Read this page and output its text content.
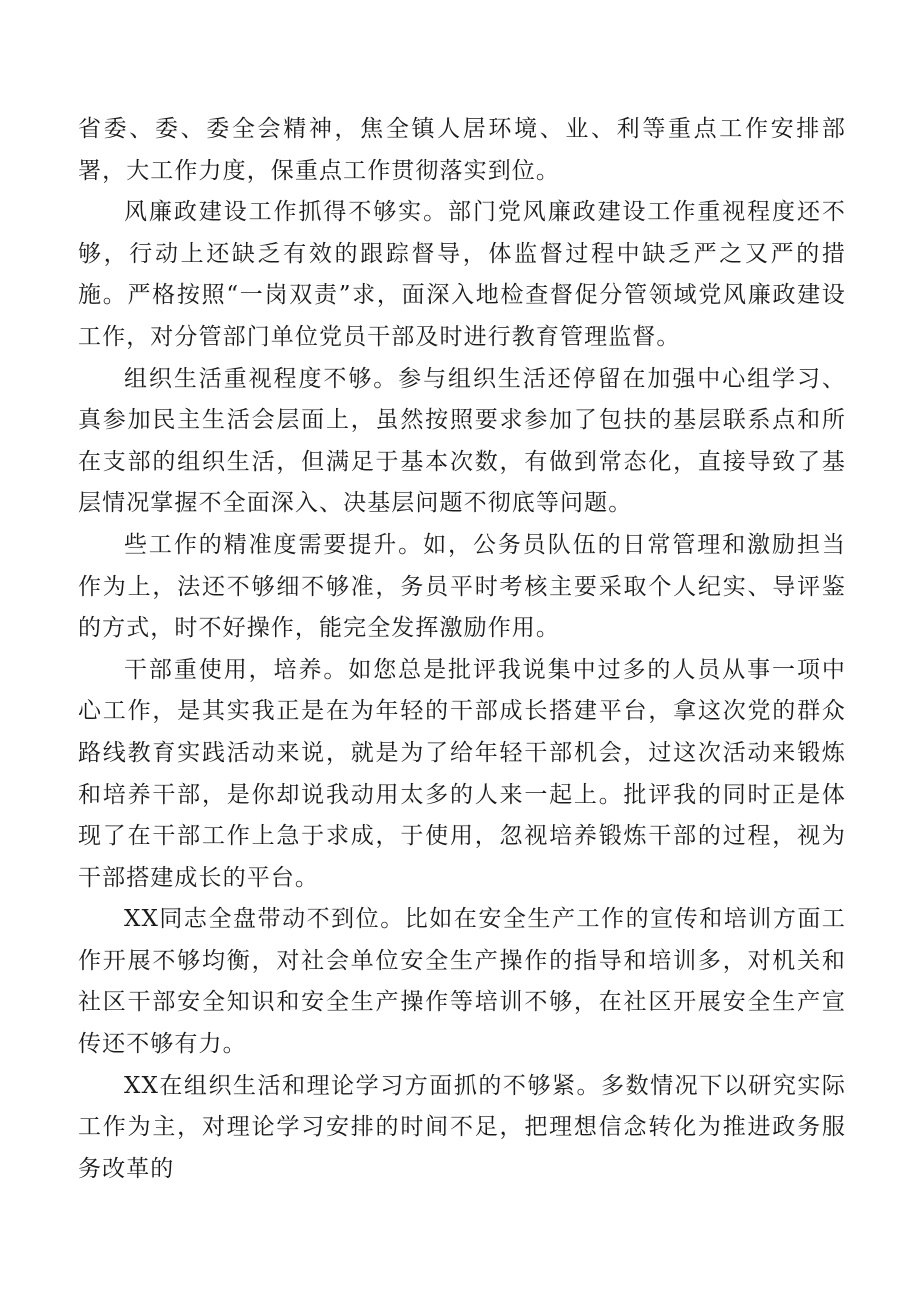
省委、委、委全会精神，焦全镇人居环境、业、利等重点工作安排部署，大工作力度，保重点工作贯彻落实到位。

风廉政建设工作抓得不够实。部门党风廉政建设工作重视程度还不够，行动上还缺乏有效的跟踪督导，体监督过程中缺乏严之又严的措施。严格按照“一岗双责”求，面深入地检查督促分管领域党风廉政建设工作，对分管部门单位党员干部及时进行教育管理监督。

组织生活重视程度不够。参与组织生活还停留在加强中心组学习、真参加民主生活会层面上，虽然按照要求参加了包扶的基层联系点和所在支部的组织生活，但满足于基本次数，有做到常态化，直接导致了基层情况掌握不全面深入、决基层问题不彻底等问题。

些工作的精准度需要提升。如，公务员队伍的日常管理和激励担当作为上，法还不够细不够准，务员平时考核主要采取个人纪实、导评鉴的方式，时不好操作，能完全发挥激励作用。

干部重使用，培养。如您总是批评我说集中过多的人员从事一项中心工作，是其实我正是在为年轻的干部成长搭建平台，拿这次党的群众路线教育实践活动来说，就是为了给年轻干部机会，过这次活动来锻炼和培养干部，是你却说我动用太多的人来一起上。批评我的同时正是体现了在干部工作上急于求成，于使用，忽视培养锻炼干部的过程，视为干部搭建成长的平台。

XX同志全盘带动不到位。比如在安全生产工作的宣传和培训方面工作开展不够均衡，对社会单位安全生产操作的指导和培训多，对机关和社区干部安全知识和安全生产操作等培训不够，在社区开展安全生产宣传还不够有力。

XX在组织生活和理论学习方面抓的不够紧。多数情况下以研究实际工作为主，对理论学习安排的时间不足，把理想信念转化为推进政务服务改革的
